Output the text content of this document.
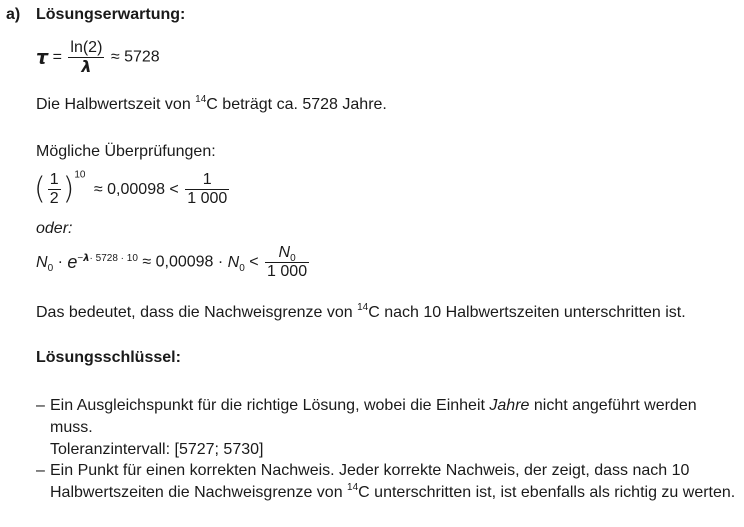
a) Lösungserwartung:
$\tau = \frac{\ln(2)}{\lambda} \approx 5728$
Die Halbwertszeit von $^{14}$C beträgt ca. 5728 Jahre.
Mögliche Überprüfungen:
( $\frac{1}{2} )^{10} \approx 0,00098 < \frac{1}{1 000}$
oder:
$N_0 \cdot e^{-\lambda\cdot 5728 \cdot 10} \approx 0,00098 \cdot N_0 < \frac{N_0}{1 000}$
Das bedeutet, dass die Nachweisgrenze von $^{14}$C nach 10 Halbwertszeiten unterschritten ist.
Lösungsschlüssel:
– Ein Ausgleichspunkt für die richtige Lösung, wobei die Einheit Jahre nicht angeführt werden muss.
Toleranzintervall: [5727; 5730]
– Ein Punkt für einen korrekten Nachweis. Jeder korrekte Nachweis, der zeigt, dass nach 10 Halbwertszeiten die Nachweisgrenze von $^{14}$C unterschritten ist, ist ebenfalls als richtig zu werten.
